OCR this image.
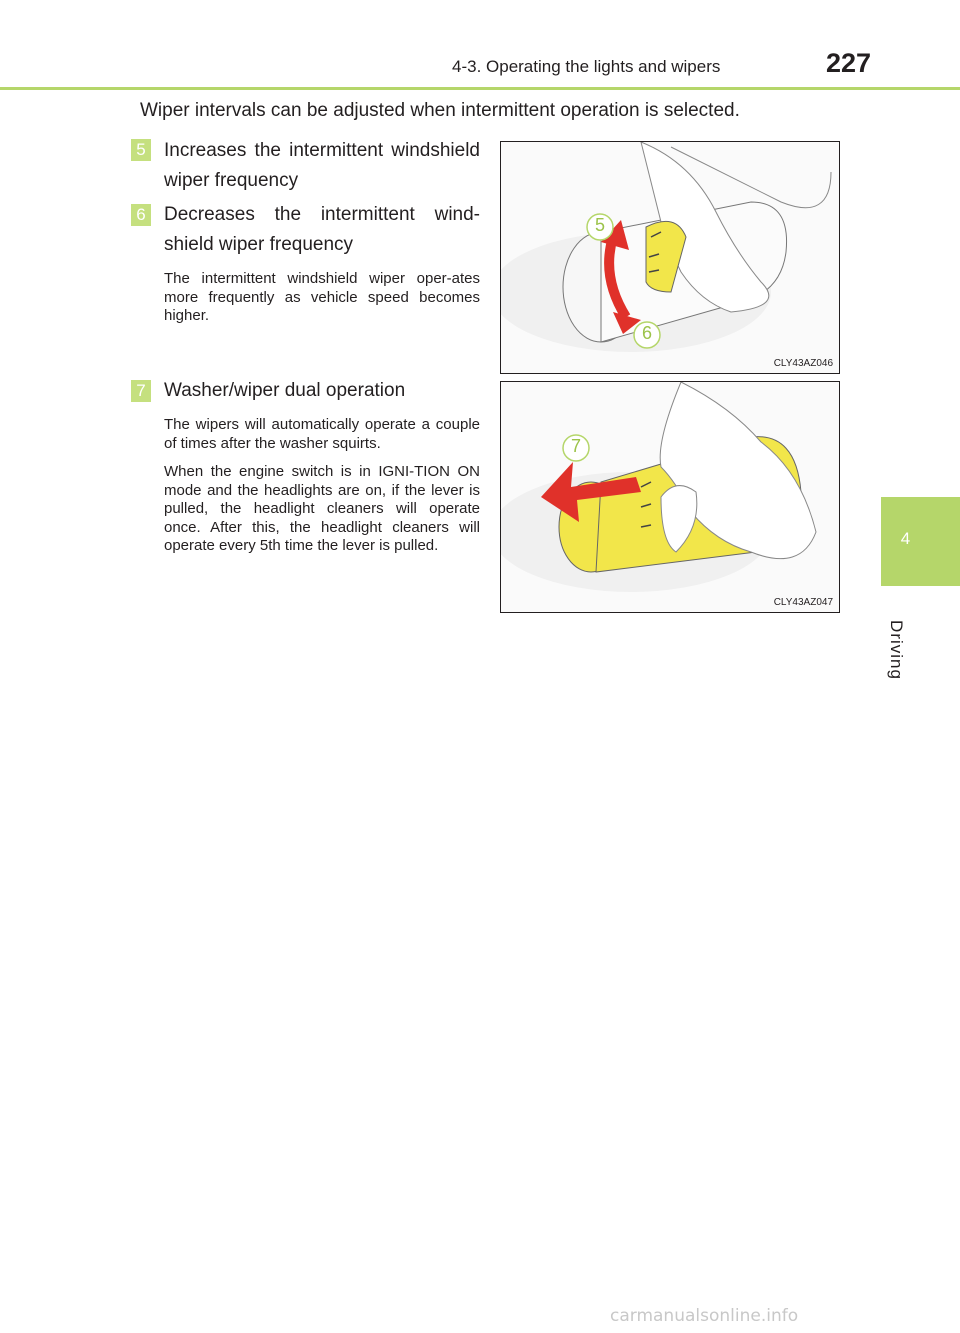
4-3. Operating the lights and wipers	227
4
Driving
Wiper intervals can be adjusted when intermittent operation is selected.
5 Increases the intermittent windshield wiper frequency
6 Decreases the intermittent wind-shield wiper frequency
The intermittent windshield wiper oper-ates more frequently as vehicle speed becomes higher.
7 Washer/wiper dual operation
The wipers will automatically operate a couple of times after the washer squirts.
When the engine switch is in IGNI-TION ON mode and the headlights are on, if the lever is pulled, the headlight cleaners will operate once. After this, the headlight cleaners will operate every 5th time the lever is pulled.
5
6
CLY43AZ046
7
CLY43AZ047
carmanualsonline.info
